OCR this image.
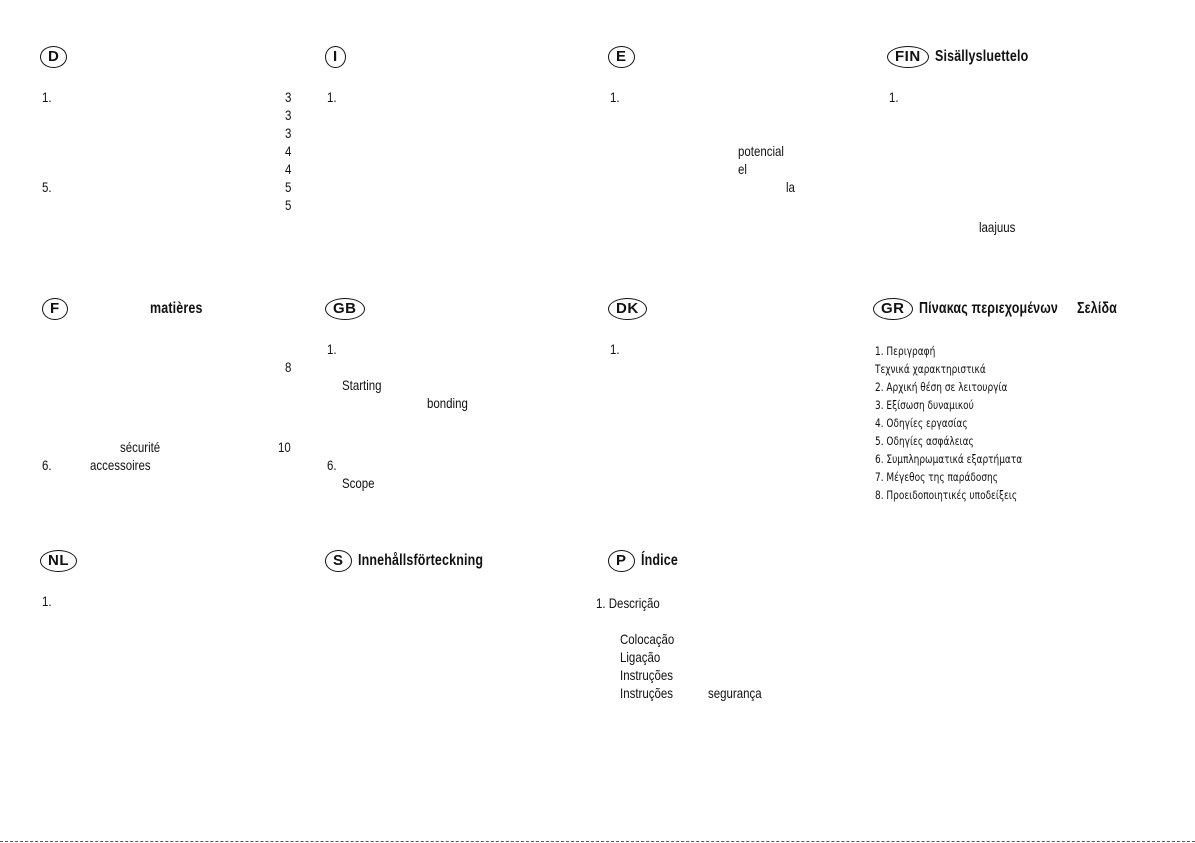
D
1.	3
3
3
4
4
5.	5
5
I
1.
E
1.
potencial
el
la
FIN Sisällysluettelo
1.
laajuus
F	matières
8
sécurité	10
6.	accessoires
GB
1.
Starting
bonding
6.
Scope
DK
1.
GR Πίνακας περιεχομένων Σελίδα
1. Περιγραφή
Τεχνικά χαρακτηριστικά
2. Αρχική θέση σε λειτουργία
3. Εξίσωση δυναμικού
4. Οδηγίες εργασίας
5. Οδηγίες ασφάλειας
6. Συμπληρωματικά εξαρτήματα
7. Μέγεθος της παράδοσης
8. Προειδοποιητικές υποδείξεις
NL
1.
S Innehållsförteckning	P Índice
1. Descrição
Colocação
Ligação
Instruções
Instruções	segurança
